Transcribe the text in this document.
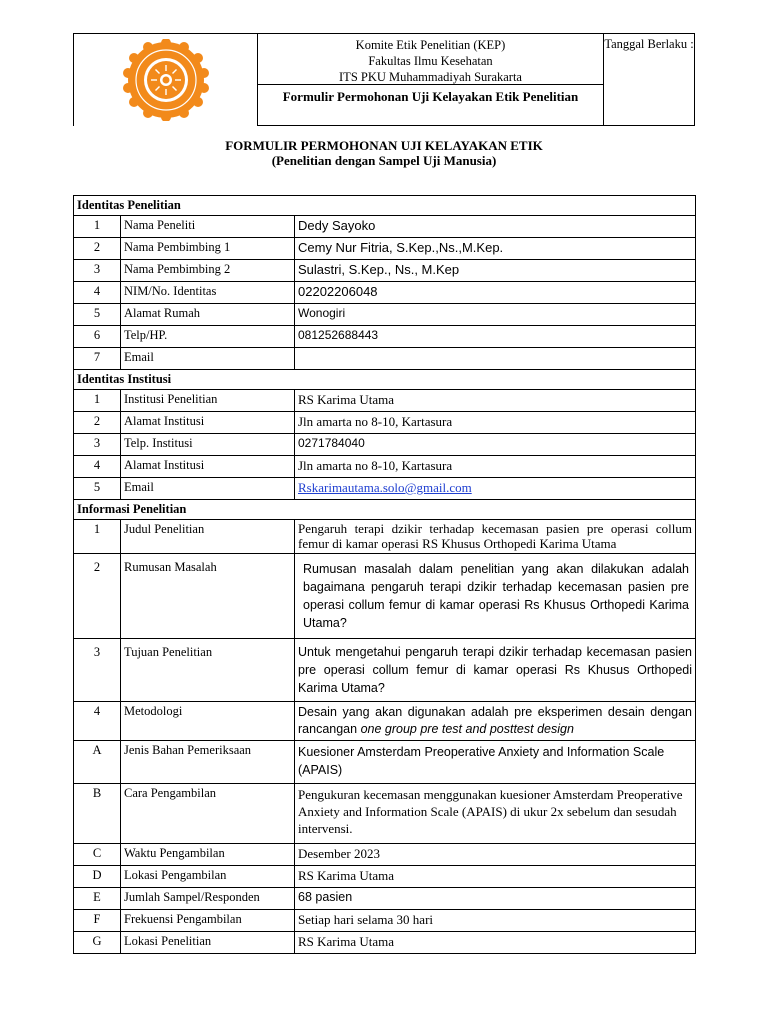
Komite Etik Penelitian (KEP)
Fakultas Ilmu Kesehatan
ITS PKU Muhammadiyah Surakarta
Formulir Permohonan Uji Kelayakan Etik Penelitian
Tanggal Berlaku :
FORMULIR PERMOHONAN UJI KELAYAKAN ETIK
(Penelitian dengan Sampel Uji Manusia)
Identitas Penelitian		
1	Nama Peneliti	Dedy Sayoko
2	Nama Pembimbing 1	Cemy Nur Fitria, S.Kep.,Ns.,M.Kep.
3	Nama Pembimbing 2	Sulastri, S.Kep., Ns., M.Kep
4	NIM/No. Identitas	02202206048
5	Alamat Rumah	Wonogiri
6	Telp/HP.	081252688443
7	Email	
Identitas Institusi		
1	Institusi Penelitian	RS Karima Utama
2	Alamat Institusi	Jln amarta no 8-10, Kartasura
3	Telp. Institusi	0271784040
4	Alamat Institusi	Jln amarta no 8-10, Kartasura
5	Email	Rskarimautama.solo@gmail.com
Informasi Penelitian		
1	Judul Penelitian	Pengaruh terapi dzikir terhadap kecemasan pasien pre operasi collum femur di kamar operasi RS Khusus Orthopedi Karima Utama
2	Rumusan Masalah	Rumusan masalah dalam penelitian yang akan dilakukan adalah bagaimana pengaruh terapi dzikir terhadap kecemasan pasien pre operasi collum femur di kamar operasi Rs Khusus Orthopedi Karima Utama?
3	Tujuan Penelitian	Untuk mengetahui pengaruh terapi dzikir terhadap kecemasan pasien pre operasi collum femur di kamar operasi Rs Khusus Orthopedi Karima Utama?
4	Metodologi	Desain yang akan digunakan adalah pre eksperimen desain dengan rancangan one group pre test and posttest design
A	Jenis Bahan Pemeriksaan	Kuesioner Amsterdam Preoperative Anxiety and Information Scale (APAIS)
B	Cara Pengambilan	Pengukuran kecemasan menggunakan kuesioner Amsterdam Preoperative Anxiety and Information Scale (APAIS) di ukur 2x sebelum dan sesudah intervensi.
C	Waktu Pengambilan	Desember 2023
D	Lokasi Pengambilan	RS Karima Utama
E	Jumlah Sampel/Responden	68 pasien
F	Frekuensi Pengambilan	Setiap hari selama 30 hari
G	Lokasi Penelitian	RS Karima Utama
